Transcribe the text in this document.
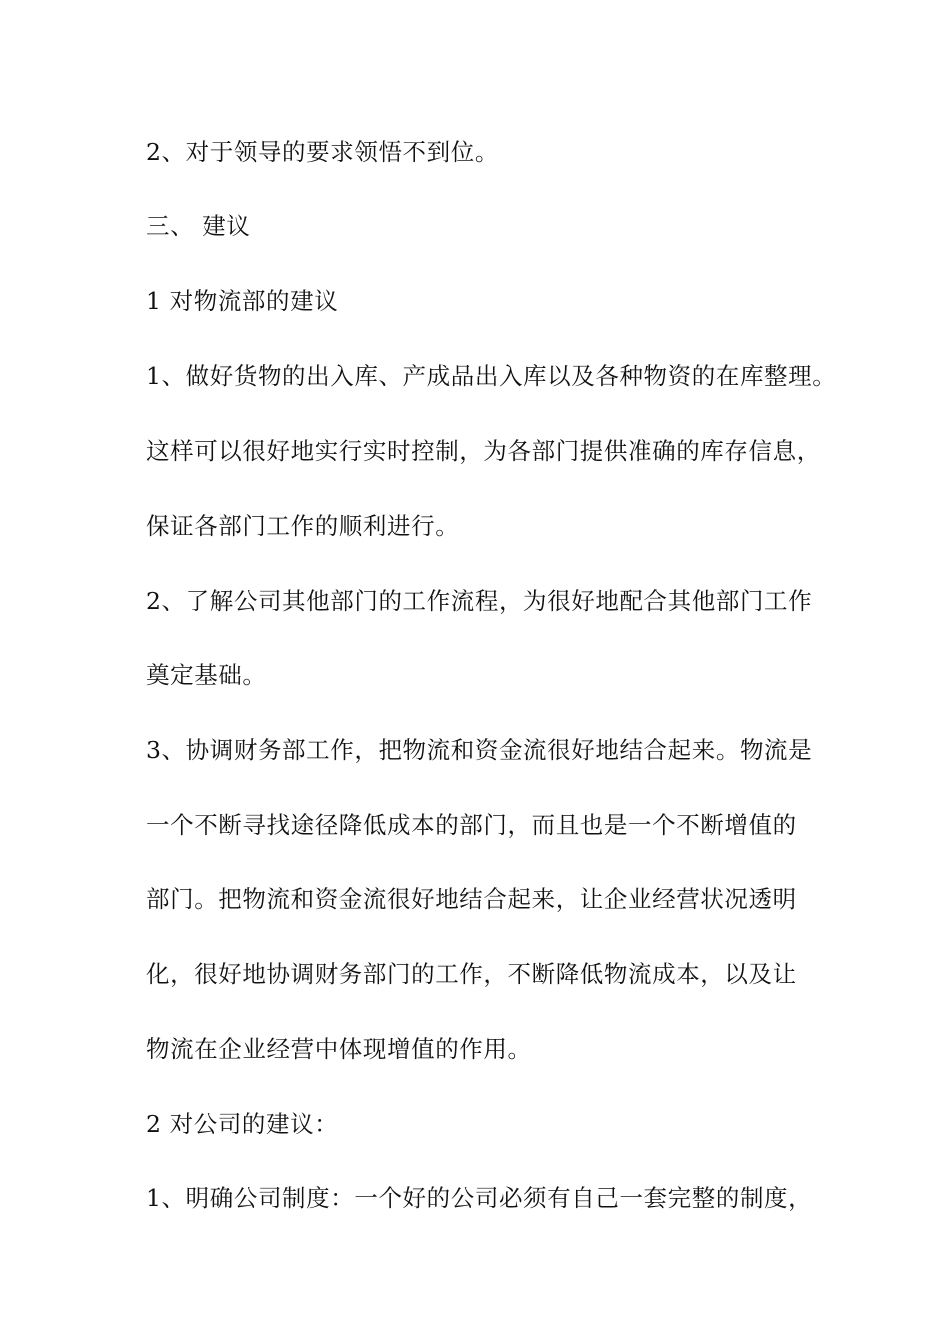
2、对于领导的要求领悟不到位。

三、 建议

1 对物流部的建议

1、做好货物的出入库、产成品出入库以及各种物资的在库整理。

这样可以很好地实行实时控制，为各部门提供准确的库存信息，

保证各部门工作的顺利进行。

2、了解公司其他部门的工作流程，为很好地配合其他部门工作

奠定基础。

3、协调财务部工作，把物流和资金流很好地结合起来。物流是

一个不断寻找途径降低成本的部门，而且也是一个不断增值的

部门。把物流和资金流很好地结合起来，让企业经营状况透明

化，很好地协调财务部门的工作，不断降低物流成本，以及让

物流在企业经营中体现增值的作用。

2 对公司的建议：

1、明确公司制度：一个好的公司必须有自己一套完整的制度，
